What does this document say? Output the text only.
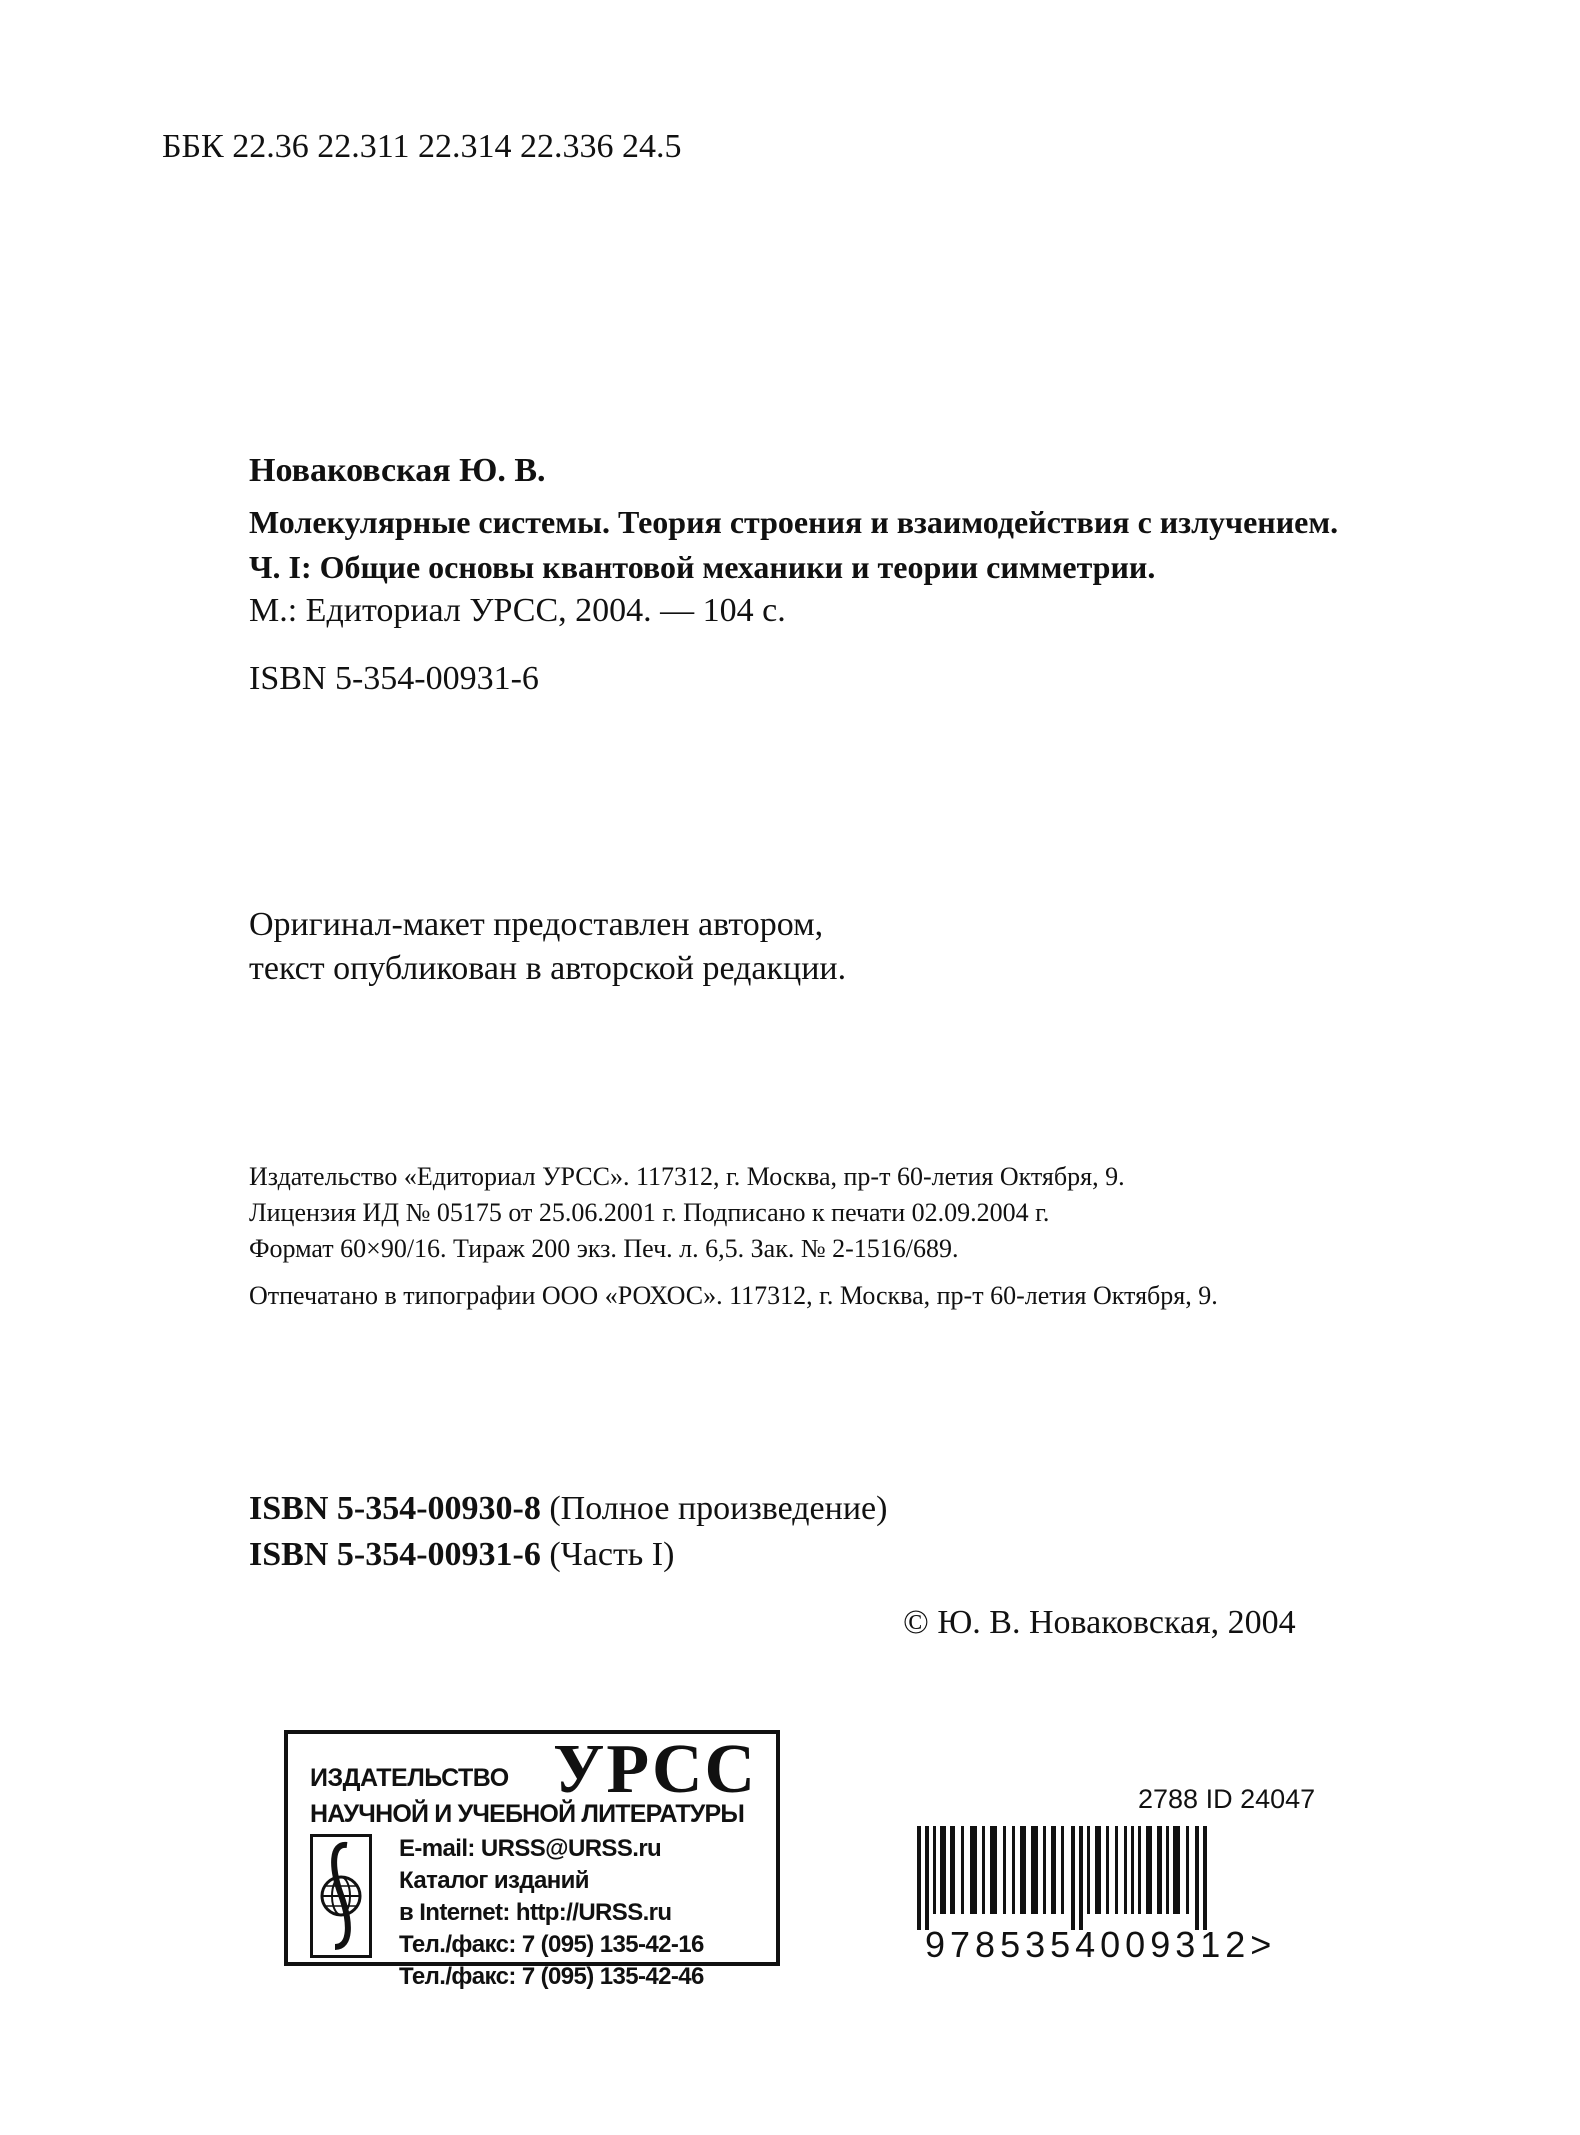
ББК 22.36 22.311 22.314 22.336 24.5
Новаковская Ю. В.
Молекулярные системы. Теория строения и взаимодействия с излучением.
Ч. I: Общие основы квантовой механики и теории симметрии.
М.: Едиториал УРСС, 2004. — 104 с.
ISBN 5-354-00931-6
Оригинал-макет предоставлен автором,
текст опубликован в авторской редакции.
Издательство «Едиториал УРСС». 117312, г. Москва, пр-т 60-летия Октября, 9.
Лицензия ИД № 05175 от 25.06.2001 г. Подписано к печати 02.09.2004 г.
Формат 60×90/16. Тираж 200 экз. Печ. л. 6,5. Зак. № 2-1516/689.
Отпечатано в типографии ООО «РОХОС». 117312, г. Москва, пр-т 60-летия Октября, 9.
ISBN 5-354-00930-8 (Полное произведение)
ISBN 5-354-00931-6 (Часть I)
© Ю. В. Новаковская, 2004
ИЗДАТЕЛЬСТВО УРСС
НАУЧНОЙ И УЧЕБНОЙ ЛИТЕРАТУРЫ
E-mail: URSS@URSS.ru
Каталог изданий
в Internet: http://URSS.ru
Тел./факс: 7 (095) 135-42-16
Тел./факс: 7 (095) 135-42-46
2788 ID 24047
9785354009312>
